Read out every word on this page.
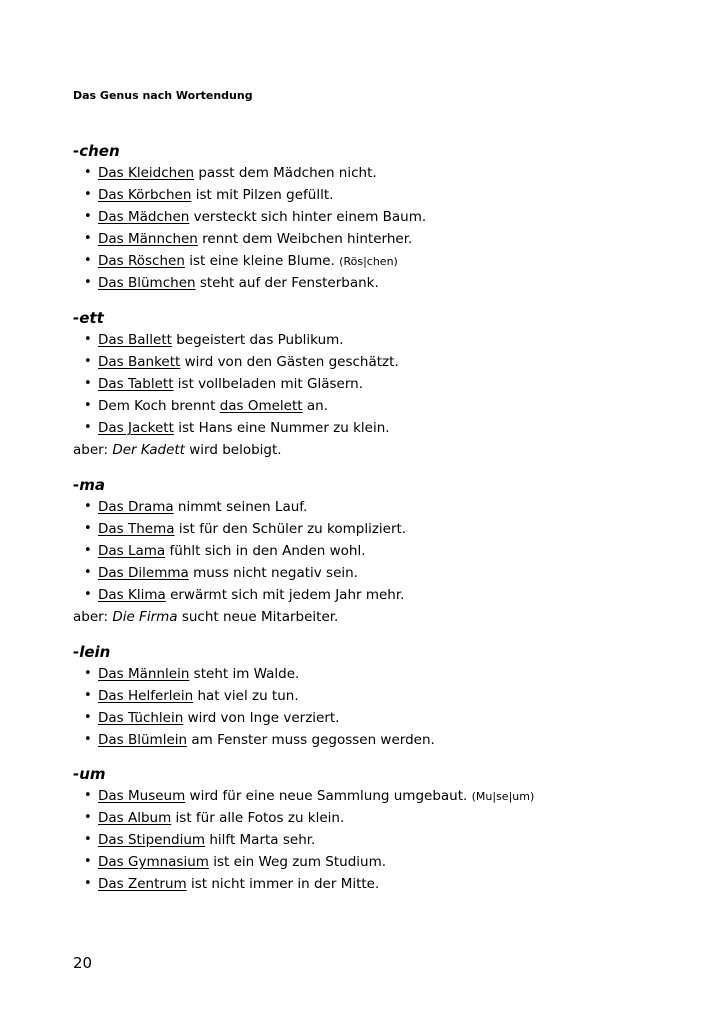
Das Genus nach Wortendung
-chen
• Das Kleidchen passt dem Mädchen nicht.
• Das Körbchen ist mit Pilzen gefüllt.
• Das Mädchen versteckt sich hinter einem Baum.
• Das Männchen rennt dem Weibchen hinterher.
• Das Röschen ist eine kleine Blume. (Rös|chen)
• Das Blümchen steht auf der Fensterbank.
-ett
• Das Ballett begeistert das Publikum.
• Das Bankett wird von den Gästen geschätzt.
• Das Tablett ist vollbeladen mit Gläsern.
• Dem Koch brennt das Omelett an.
• Das Jackett ist Hans eine Nummer zu klein.
aber: Der Kadett wird belobigt.
-ma
• Das Drama nimmt seinen Lauf.
• Das Thema ist für den Schüler zu kompliziert.
• Das Lama fühlt sich in den Anden wohl.
• Das Dilemma muss nicht negativ sein.
• Das Klima erwärmt sich mit jedem Jahr mehr.
aber: Die Firma sucht neue Mitarbeiter.
-lein
• Das Männlein steht im Walde.
• Das Helferlein hat viel zu tun.
• Das Tüchlein wird von Inge verziert.
• Das Blümlein am Fenster muss gegossen werden.
-um
• Das Museum wird für eine neue Sammlung umgebaut. (Mu|se|um)
• Das Album ist für alle Fotos zu klein.
• Das Stipendium hilft Marta sehr.
• Das Gymnasium ist ein Weg zum Studium.
• Das Zentrum ist nicht immer in der Mitte.
20
